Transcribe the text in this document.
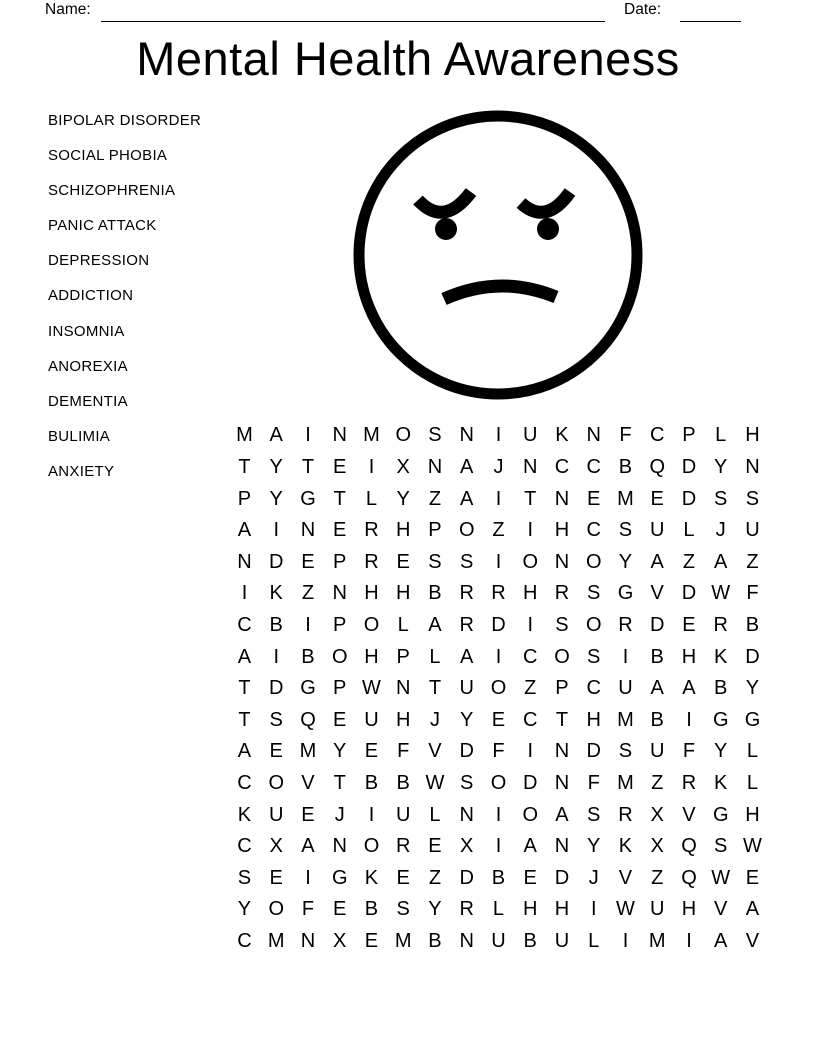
Name:	Date:
Mental Health Awareness
BIPOLAR DISORDER
SOCIAL PHOBIA
SCHIZOPHRENIA
PANIC ATTACK
DEPRESSION
ADDICTION
INSOMNIA
ANOREXIA
DEMENTIA
BULIMIA
ANXIETY
M A	I	N M O S N	I	U K N F C P L H
T Y T E	I	X N A	J N C C B Q D Y N
P Y G T	L Y Z A	I	T N E M E D S S
A	I	N E R H P O Z	I	H C S U L	J U
N D E P R E S S	I	O N O Y A Z A Z
I	K Z N H H B R R H R S G V D W F
C B	I	P O L A R D	I	S O R D E R B
A	I	B O H P L A	I	C O S	I	B H K D
T D G P W N T U O Z P C U A A B Y
T S Q E U H J	Y E C T H M B	I	G G
A E M Y E F V D F	I	N D S U F Y L
C O V T B B W S O D N F M Z R K L
K U E	J	I	U L N	I	O A S R X V G H
C X A N O R E X	I	A N Y K X Q S W
S E	I	G K E Z D B E D J	V Z Q W E
Y O F E B S Y R L H H	I W U H V A
C M N X E M B N U B U L	I	M	I	A V
